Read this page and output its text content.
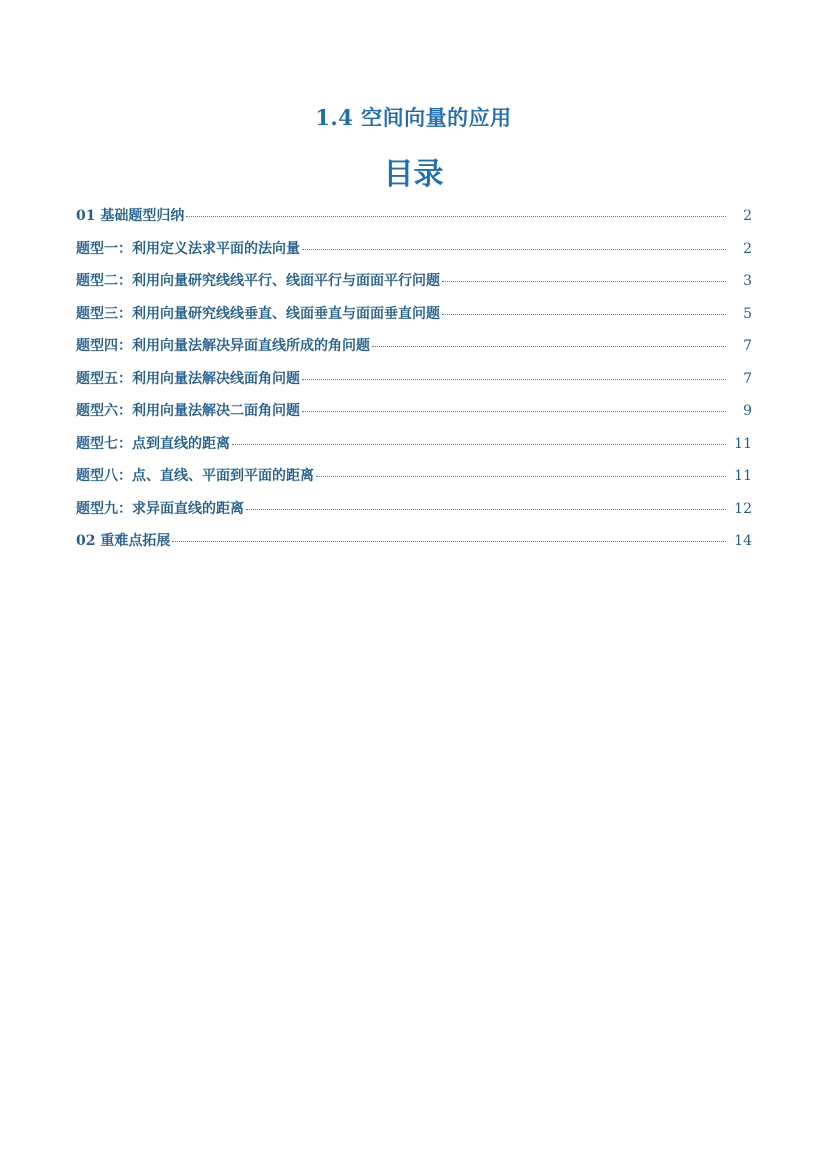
1.4 空间向量的应用
目录
01 基础题型归纳	2
题型一：利用定义法求平面的法向量	2
题型二：利用向量研究线线平行、线面平行与面面平行问题	3
题型三：利用向量研究线线垂直、线面垂直与面面垂直问题	5
题型四：利用向量法解决异面直线所成的角问题	7
题型五：利用向量法解决线面角问题	7
题型六：利用向量法解决二面角问题	9
题型七：点到直线的距离	11
题型八：点、直线、平面到平面的距离	11
题型九：求异面直线的距离	12
02 重难点拓展	14
